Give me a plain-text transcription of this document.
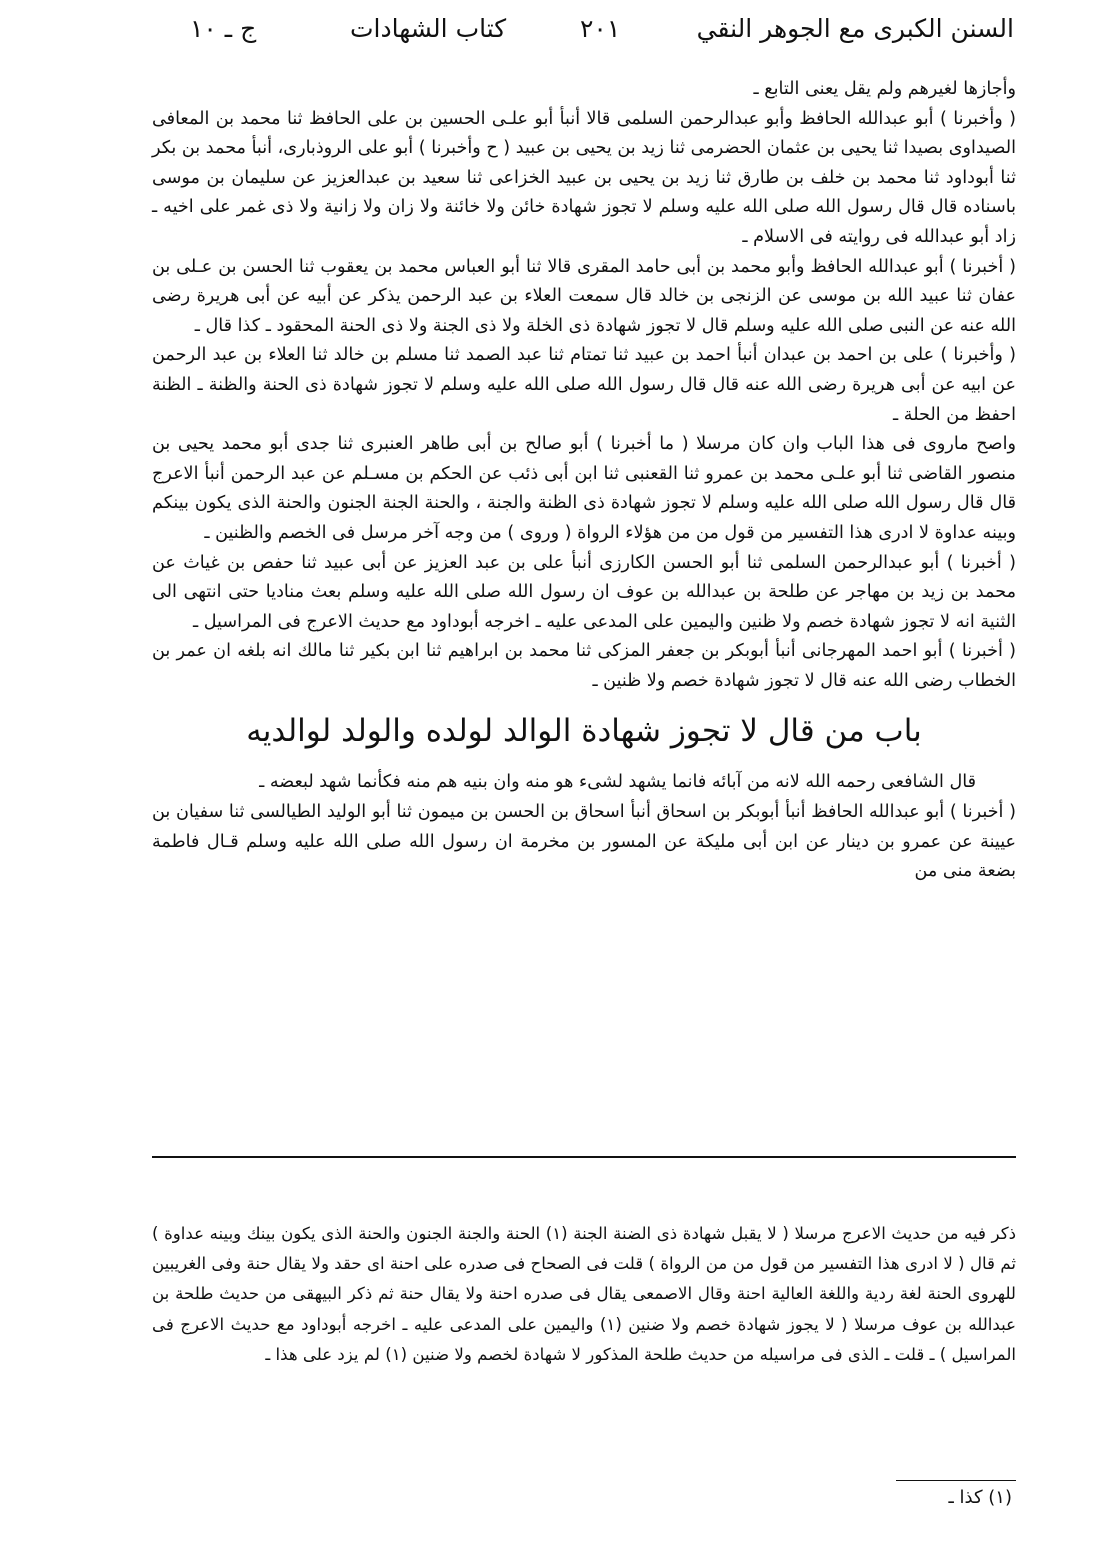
ج ـ ١٠	كتاب الشهادات	٢٠١	السنن الكبرى مع الجوهر النقي

وأجازها لغيرهم ولم يقل يعنى التابع ـ

( وأخبرنا ) أبو عبدالله الحافظ وأبو عبدالرحمن السلمى قالا أنبأ أبو علـى الحسين بن على الحافظ ثنا محمد بن المعافى الصيداوى بصيدا ثنا يحيى بن عثمان الحضرمى ثنا زيد بن يحيى بن عبيد ( ح وأخبرنا ) أبو على الروذبارى، أنبأ محمد بن بكر ثنا أبوداود ثنا محمد بن خلف بن طارق ثنا زيد بن يحيى بن عبيد الخزاعى ثنا سعيد بن عبدالعزيز عن سليمان بن موسى باسناده قال قال رسول الله صلى الله عليه وسلم لا تجوز شهادة خائن ولا خائنة ولا زان ولا زانية ولا ذى غمر على اخيه ـ زاد أبو عبدالله فى روايته فى الاسلام ـ

( أخبرنا ) أبو عبدالله الحافظ وأبو محمد بن أبى حامد المقرى قالا ثنا أبو العباس محمد بن يعقوب ثنا الحسن بن عـلى بن عفان ثنا عبيد الله بن موسى عن الزنجى بن خالد قال سمعت العلاء بن عبد الرحمن يذكر عن أبيه عن أبى هريرة رضى الله عنه عن النبى صلى الله عليه وسلم قال لا تجوز شهادة ذى الخلة ولا ذى الجنة ولا ذى الحنة المحقود ـ كذا قال ـ

( وأخبرنا ) على بن احمد بن عبدان أنبأ احمد بن عبيد ثنا تمتام ثنا عبد الصمد ثنا مسلم بن خالد ثنا العلاء بن عبد الرحمن عن ابيه عن أبى هريرة رضى الله عنه قال قال رسول الله صلى الله عليه وسلم لا تجوز شهادة ذى الحنة والظنة ـ الظنة احفظ من الحلة ـ

واصح ماروى فى هذا الباب وان كان مرسلا ( ما أخبرنا ) أبو صالح بن أبى طاهر العنبرى ثنا جدى أبو محمد يحيى بن منصور القاضى ثنا أبو علـى محمد بن عمرو ثنا القعنبى ثنا ابن أبى ذئب عن الحكم بن مسـلم عن عبد الرحمن أنبأ الاعرج قال قال رسول الله صلى الله عليه وسلم لا تجوز شهادة ذى الظنة والجنة ، والحنة الجنة الجنون والحنة الذى يكون بينكم وبينه عداوة لا ادرى هذا التفسير من قول من من هؤلاء الرواة ( وروى ) من وجه آخر مرسل فى الخصم والظنين ـ

( أخبرنا ) أبو عبدالرحمن السلمى ثنا أبو الحسن الكارزى أنبأ على بن عبد العزيز عن أبى عبيد ثنا حفص بن غياث عن محمد بن زيد بن مهاجر عن طلحة بن عبدالله بن عوف ان رسول الله صلى الله عليه وسلم بعث مناديا حتى انتهى الى الثنية انه لا تجوز شهادة خصم ولا ظنين واليمين على المدعى عليه ـ اخرجه أبوداود مع حديث الاعرج فى المراسيل ـ

( أخبرنا ) أبو احمد المهرجانى أنبأ أبوبكر بن جعفر المزكى ثنا محمد بن ابراهيم ثنا ابن بكير ثنا مالك انه بلغه ان عمر بن الخطاب رضى الله عنه قال لا تجوز شهادة خصم ولا ظنين ـ

باب من قال لا تجوز شهادة الوالد لولده والولد لوالديه

قال الشافعى رحمه الله لانه من آبائه فانما يشهد لشىء هو منه وان بنيه هم منه فكأنما شهد لبعضه ـ

( أخبرنا ) أبو عبدالله الحافظ أنبأ أبوبكر بن اسحاق أنبأ اسحاق بن الحسن بن ميمون ثنا أبو الوليد الطيالسى ثنا سفيان بن عيينة عن عمرو بن دينار عن ابن أبى مليكة عن المسور بن مخرمة ان رسول الله صلى الله عليه وسلم قـال فاطمة بضعة منى من

ذكر فيه من حديث الاعرج مرسلا ( لا يقبل شهادة ذى الضنة الجنة (١) الحنة والجنة الجنون والحنة الذى يكون بينك وبينه عداوة ) ثم قال ( لا ادرى هذا التفسير من قول من من الرواة ) قلت فى الصحاح فى صدره على احنة اى حقد ولا يقال حنة وفى الغريبين للهروى الحنة لغة ردية واللغة العالية احنة وقال الاصمعى يقال فى صدره احنة ولا يقال حنة ثم ذكر البيهقى من حديث طلحة بن عبدالله بن عوف مرسلا ( لا يجوز شهادة خصم ولا ضنين (١) واليمين على المدعى عليه ـ اخرجه أبوداود مع حديث الاعرج فى المراسيل ) ـ قلت ـ الذى فى مراسيله من حديث طلحة المذكور لا شهادة لخصم ولا ضنين (١) لم يزد على هذا ـ

(١) كذا ـ
